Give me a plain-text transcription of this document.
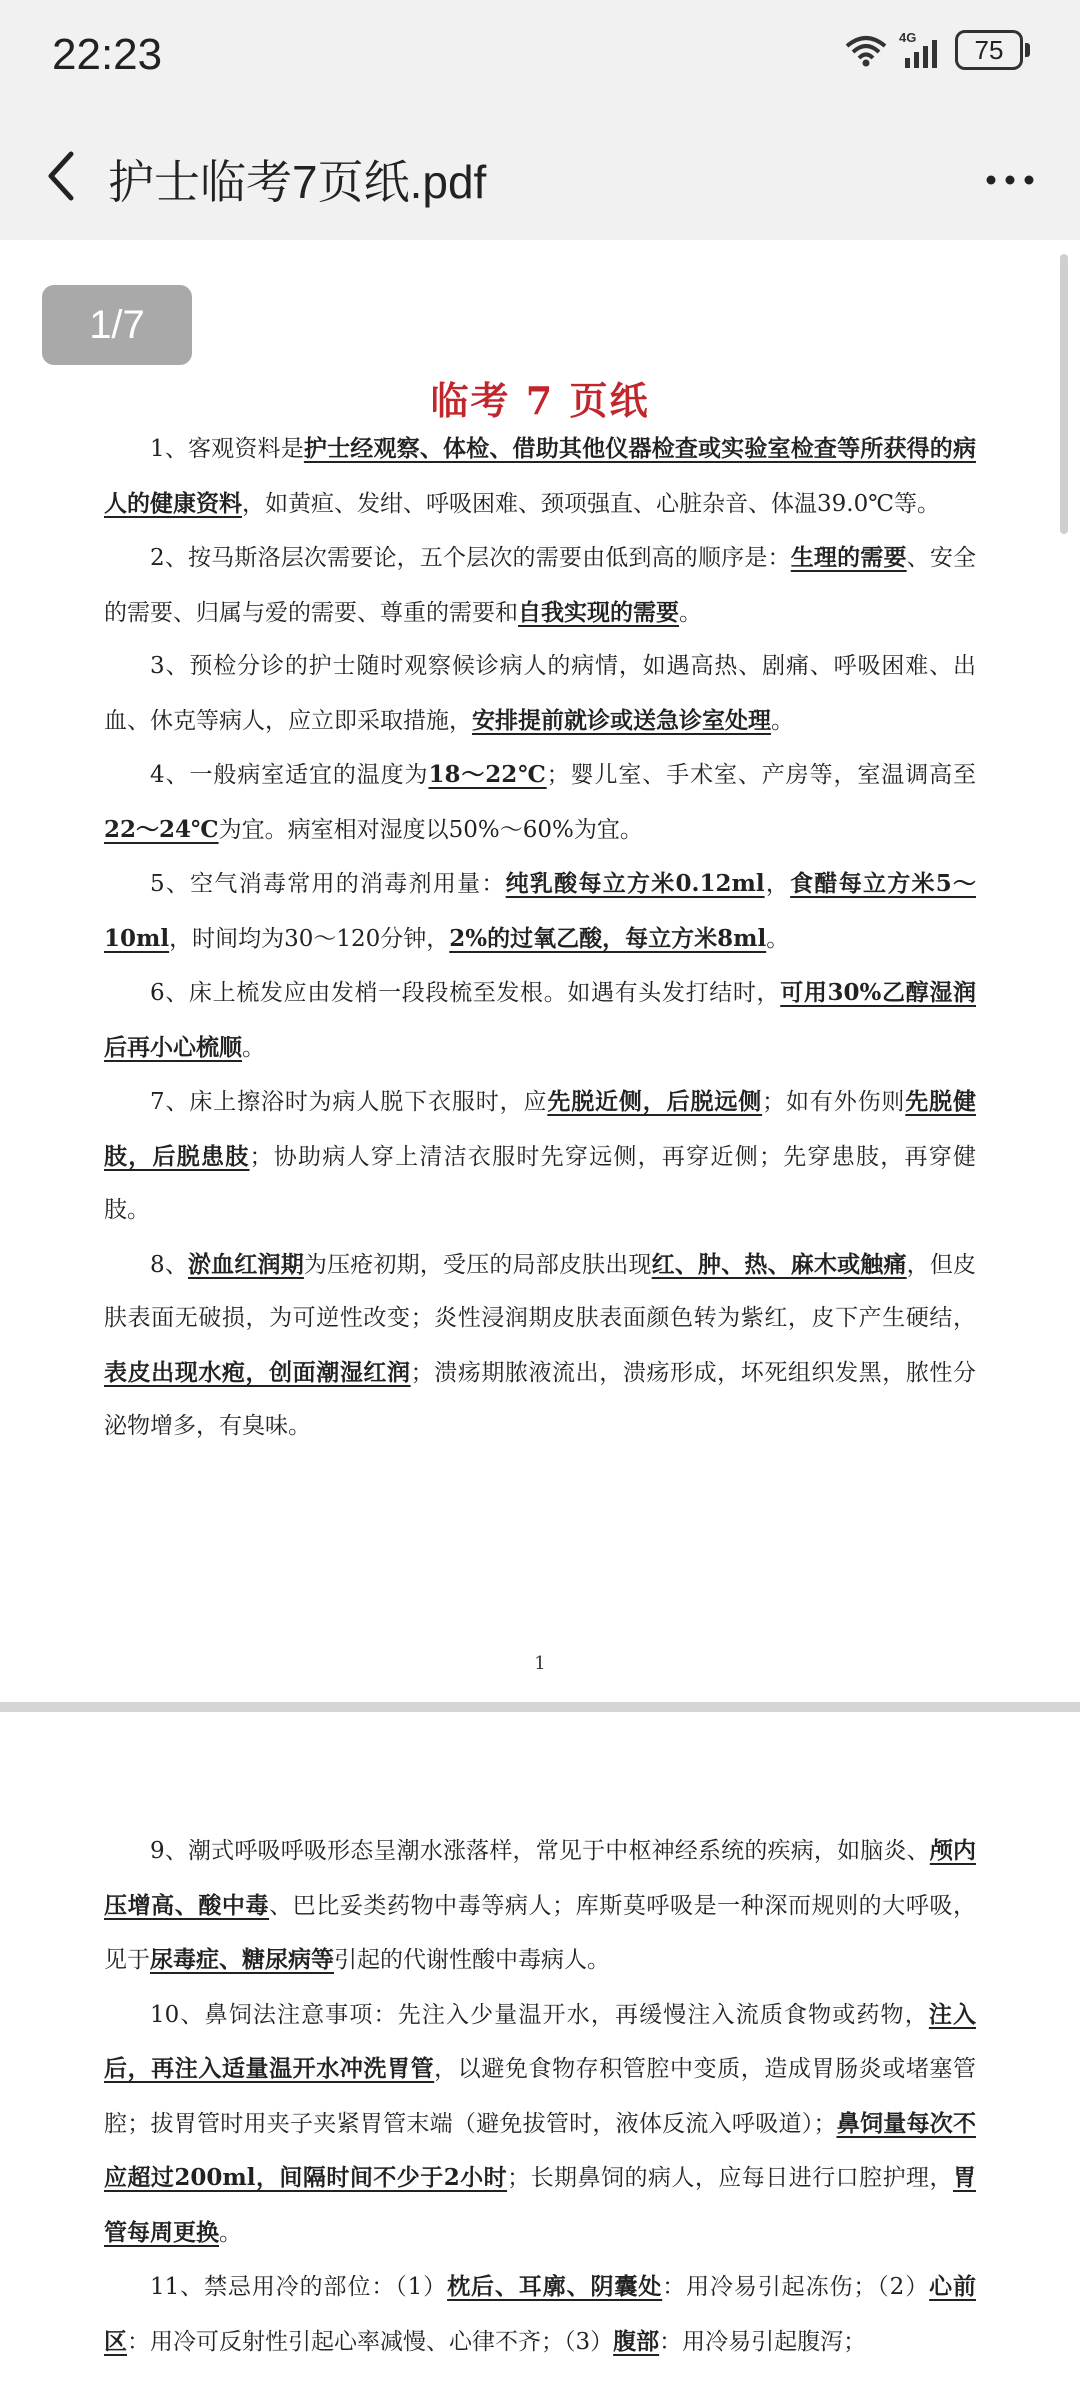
22:23	4G	75
护士临考7页纸.pdf
临考 7 页纸

1、客观资料是护士经观察、体检、借助其他仪器检查或实验室检查等所获得的病人的健康资料，如黄疸、发绀、呼吸困难、颈项强直、心脏杂音、体温39.0℃等。

2、按马斯洛层次需要论，五个层次的需要由低到高的顺序是：生理的需要、安全的需要、归属与爱的需要、尊重的需要和自我实现的需要。

3、预检分诊的护士随时观察候诊病人的病情，如遇高热、剧痛、呼吸困难、出血、休克等病人，应立即采取措施，安排提前就诊或送急诊室处理。

4、一般病室适宜的温度为18～22℃；婴儿室、手术室、产房等，室温调高至22～24℃为宜。病室相对湿度以50%～60%为宜。

5、空气消毒常用的消毒剂用量：纯乳酸每立方米0.12ml，食醋每立方米5～10ml，时间均为30～120分钟，2%的过氧乙酸，每立方米8ml。

6、床上梳发应由发梢一段段梳至发根。如遇有头发打结时，可用30%乙醇湿润后再小心梳顺。

7、床上擦浴时为病人脱下衣服时，应先脱近侧，后脱远侧；如有外伤则先脱健肢，后脱患肢；协助病人穿上清洁衣服时先穿远侧，再穿近侧；先穿患肢，再穿健肢。

8、淤血红润期为压疮初期，受压的局部皮肤出现红、肿、热、麻木或触痛，但皮肤表面无破损，为可逆性改变；炎性浸润期皮肤表面颜色转为紫红，皮下产生硬结，表皮出现水疱，创面潮湿红润；溃疡期脓液流出，溃疡形成，坏死组织发黑，脓性分泌物增多，有臭味。

1

9、潮式呼吸呼吸形态呈潮水涨落样，常见于中枢神经系统的疾病，如脑炎、颅内压增高、酸中毒、巴比妥类药物中毒等病人；库斯莫呼吸是一种深而规则的大呼吸，见于尿毒症、糖尿病等引起的代谢性酸中毒病人。

10、鼻饲法注意事项：先注入少量温开水，再缓慢注入流质食物或药物，注入后，再注入适量温开水冲洗胃管，以避免食物存积管腔中变质，造成胃肠炎或堵塞管腔；拔胃管时用夹子夹紧胃管末端（避免拔管时，液体反流入呼吸道）；鼻饲量每次不应超过200ml，间隔时间不少于2小时；长期鼻饲的病人，应每日进行口腔护理，胃管每周更换。

11、禁忌用冷的部位：（1）枕后、耳廓、阴囊处：用冷易引起冻伤；（2）心前区：用冷可反射性引起心率减慢、心律不齐；（3）腹部：用冷易引起腹泻；

1/7
